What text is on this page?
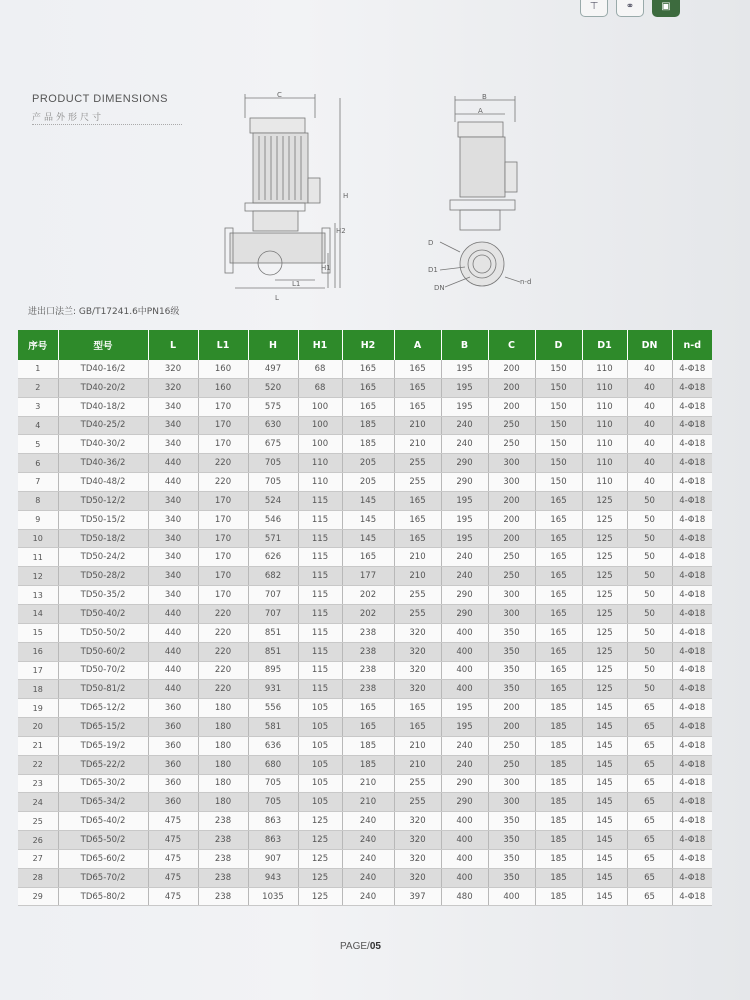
⊤	⚭	▣
PRODUCT DIMENSIONS
产品外形尺寸
C
H
H2
H1
L1
L
B
A
D
D1
DN
n-d
进出口法兰: GB/T17241.6中PN16级
序号	型号	L	L1	H	H1	H2	A	B	C	D	D1	DN	n-d
1	TD40-16/2	320	160	497	68	165	165	195	200	150	110	40	4-Φ18
2	TD40-20/2	320	160	520	68	165	165	195	200	150	110	40	4-Φ18
3	TD40-18/2	340	170	575	100	165	165	195	200	150	110	40	4-Φ18
4	TD40-25/2	340	170	630	100	185	210	240	250	150	110	40	4-Φ18
5	TD40-30/2	340	170	675	100	185	210	240	250	150	110	40	4-Φ18
6	TD40-36/2	440	220	705	110	205	255	290	300	150	110	40	4-Φ18
7	TD40-48/2	440	220	705	110	205	255	290	300	150	110	40	4-Φ18
8	TD50-12/2	340	170	524	115	145	165	195	200	165	125	50	4-Φ18
9	TD50-15/2	340	170	546	115	145	165	195	200	165	125	50	4-Φ18
10	TD50-18/2	340	170	571	115	145	165	195	200	165	125	50	4-Φ18
11	TD50-24/2	340	170	626	115	165	210	240	250	165	125	50	4-Φ18
12	TD50-28/2	340	170	682	115	177	210	240	250	165	125	50	4-Φ18
13	TD50-35/2	340	170	707	115	202	255	290	300	165	125	50	4-Φ18
14	TD50-40/2	440	220	707	115	202	255	290	300	165	125	50	4-Φ18
15	TD50-50/2	440	220	851	115	238	320	400	350	165	125	50	4-Φ18
16	TD50-60/2	440	220	851	115	238	320	400	350	165	125	50	4-Φ18
17	TD50-70/2	440	220	895	115	238	320	400	350	165	125	50	4-Φ18
18	TD50-81/2	440	220	931	115	238	320	400	350	165	125	50	4-Φ18
19	TD65-12/2	360	180	556	105	165	165	195	200	185	145	65	4-Φ18
20	TD65-15/2	360	180	581	105	165	165	195	200	185	145	65	4-Φ18
21	TD65-19/2	360	180	636	105	185	210	240	250	185	145	65	4-Φ18
22	TD65-22/2	360	180	680	105	185	210	240	250	185	145	65	4-Φ18
23	TD65-30/2	360	180	705	105	210	255	290	300	185	145	65	4-Φ18
24	TD65-34/2	360	180	705	105	210	255	290	300	185	145	65	4-Φ18
25	TD65-40/2	475	238	863	125	240	320	400	350	185	145	65	4-Φ18
26	TD65-50/2	475	238	863	125	240	320	400	350	185	145	65	4-Φ18
27	TD65-60/2	475	238	907	125	240	320	400	350	185	145	65	4-Φ18
28	TD65-70/2	475	238	943	125	240	320	400	350	185	145	65	4-Φ18
29	TD65-80/2	475	238	1035	125	240	397	480	400	185	145	65	4-Φ18
PAGE/05
